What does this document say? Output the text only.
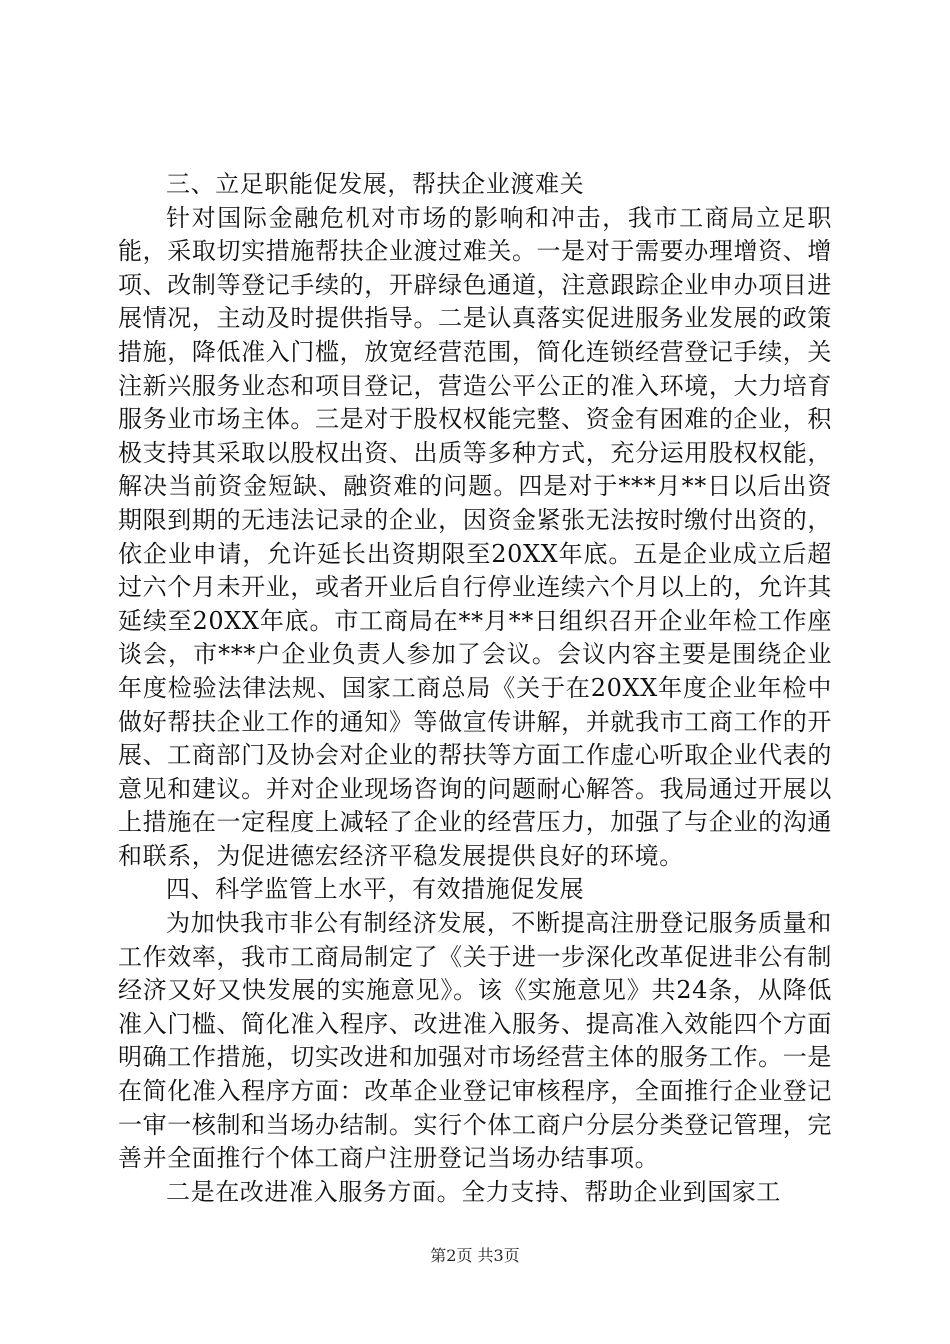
三、立足职能促发展，帮扶企业渡难关

针对国际金融危机对市场的影响和冲击，我市工商局立足职能，采取切实措施帮扶企业渡过难关。一是对于需要办理增资、增项、改制等登记手续的，开辟绿色通道，注意跟踪企业申办项目进展情况，主动及时提供指导。二是认真落实促进服务业发展的政策措施，降低准入门槛，放宽经营范围，简化连锁经营登记手续，关注新兴服务业态和项目登记，营造公平公正的准入环境，大力培育服务业市场主体。三是对于股权权能完整、资金有困难的企业，积极支持其采取以股权出资、出质等多种方式，充分运用股权权能，解决当前资金短缺、融资难的问题。四是对于***月**日以后出资期限到期的无违法记录的企业，因资金紧张无法按时缴付出资的，依企业申请，允许延长出资期限至20XX年底。五是企业成立后超过六个月未开业，或者开业后自行停业连续六个月以上的，允许其延续至20XX年底。市工商局在**月**日组织召开企业年检工作座谈会，市***户企业负责人参加了会议。会议内容主要是围绕企业年度检验法律法规、国家工商总局《关于在20XX年度企业年检中做好帮扶企业工作的通知》等做宣传讲解，并就我市工商工作的开展、工商部门及协会对企业的帮扶等方面工作虚心听取企业代表的意见和建议。并对企业现场咨询的问题耐心解答。我局通过开展以上措施在一定程度上减轻了企业的经营压力，加强了与企业的沟通和联系，为促进德宏经济平稳发展提供良好的环境。

四、科学监管上水平，有效措施促发展

为加快我市非公有制经济发展，不断提高注册登记服务质量和工作效率，我市工商局制定了《关于进一步深化改革促进非公有制经济又好又快发展的实施意见》。该《实施意见》共24条，从降低准入门槛、简化准入程序、改进准入服务、提高准入效能四个方面明确工作措施，切实改进和加强对市场经营主体的服务工作。一是在简化准入程序方面：改革企业登记审核程序，全面推行企业登记一审一核制和当场办结制。实行个体工商户分层分类登记管理，完善并全面推行个体工商户注册登记当场办结事项。

二是在改进准入服务方面。全力支持、帮助企业到国家工

第2页 共3页
